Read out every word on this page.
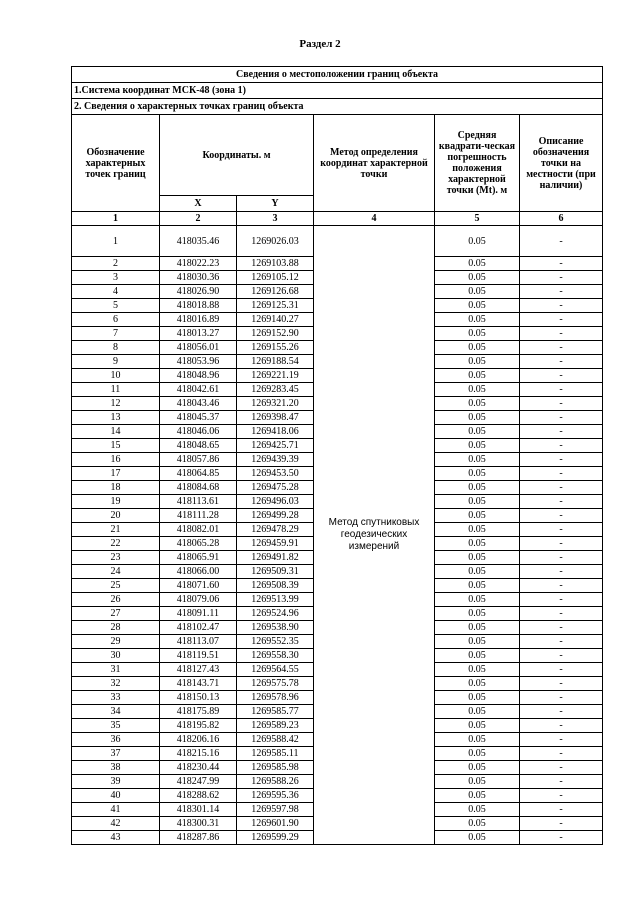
Раздел 2
Сведения о местоположении границ объекта					
1.Система координат МСК-48 (зона 1)					
2. Сведения о характерных точках границ объекта					
Обозначение характерных точек границ	Координаты. м		Метод определения координат характерной точки	Средняя квадрати-ческая погрешность положения характерной точки (Mt). м	Описание обозначения точки на местности (при наличии)
	X	Y			
1	2	3	4	5	6
1	418035.46	1269026.03	Метод спутниковых геодезических измерений	0.05	-
2	418022.23	1269103.88		0.05	-
3	418030.36	1269105.12		0.05	-
4	418026.90	1269126.68		0.05	-
5	418018.88	1269125.31		0.05	-
6	418016.89	1269140.27		0.05	-
7	418013.27	1269152.90		0.05	-
8	418056.01	1269155.26		0.05	-
9	418053.96	1269188.54		0.05	-
10	418048.96	1269221.19		0.05	-
11	418042.61	1269283.45		0.05	-
12	418043.46	1269321.20		0.05	-
13	418045.37	1269398.47		0.05	-
14	418046.06	1269418.06		0.05	-
15	418048.65	1269425.71		0.05	-
16	418057.86	1269439.39		0.05	-
17	418064.85	1269453.50		0.05	-
18	418084.68	1269475.28		0.05	-
19	418113.61	1269496.03		0.05	-
20	418111.28	1269499.28		0.05	-
21	418082.01	1269478.29		0.05	-
22	418065.28	1269459.91		0.05	-
23	418065.91	1269491.82		0.05	-
24	418066.00	1269509.31		0.05	-
25	418071.60	1269508.39		0.05	-
26	418079.06	1269513.99		0.05	-
27	418091.11	1269524.96		0.05	-
28	418102.47	1269538.90		0.05	-
29	418113.07	1269552.35		0.05	-
30	418119.51	1269558.30		0.05	-
31	418127.43	1269564.55		0.05	-
32	418143.71	1269575.78		0.05	-
33	418150.13	1269578.96		0.05	-
34	418175.89	1269585.77		0.05	-
35	418195.82	1269589.23		0.05	-
36	418206.16	1269588.42		0.05	-
37	418215.16	1269585.11		0.05	-
38	418230.44	1269585.98		0.05	-
39	418247.99	1269588.26		0.05	-
40	418288.62	1269595.36		0.05	-
41	418301.14	1269597.98		0.05	-
42	418300.31	1269601.90		0.05	-
43	418287.86	1269599.29		0.05	-
